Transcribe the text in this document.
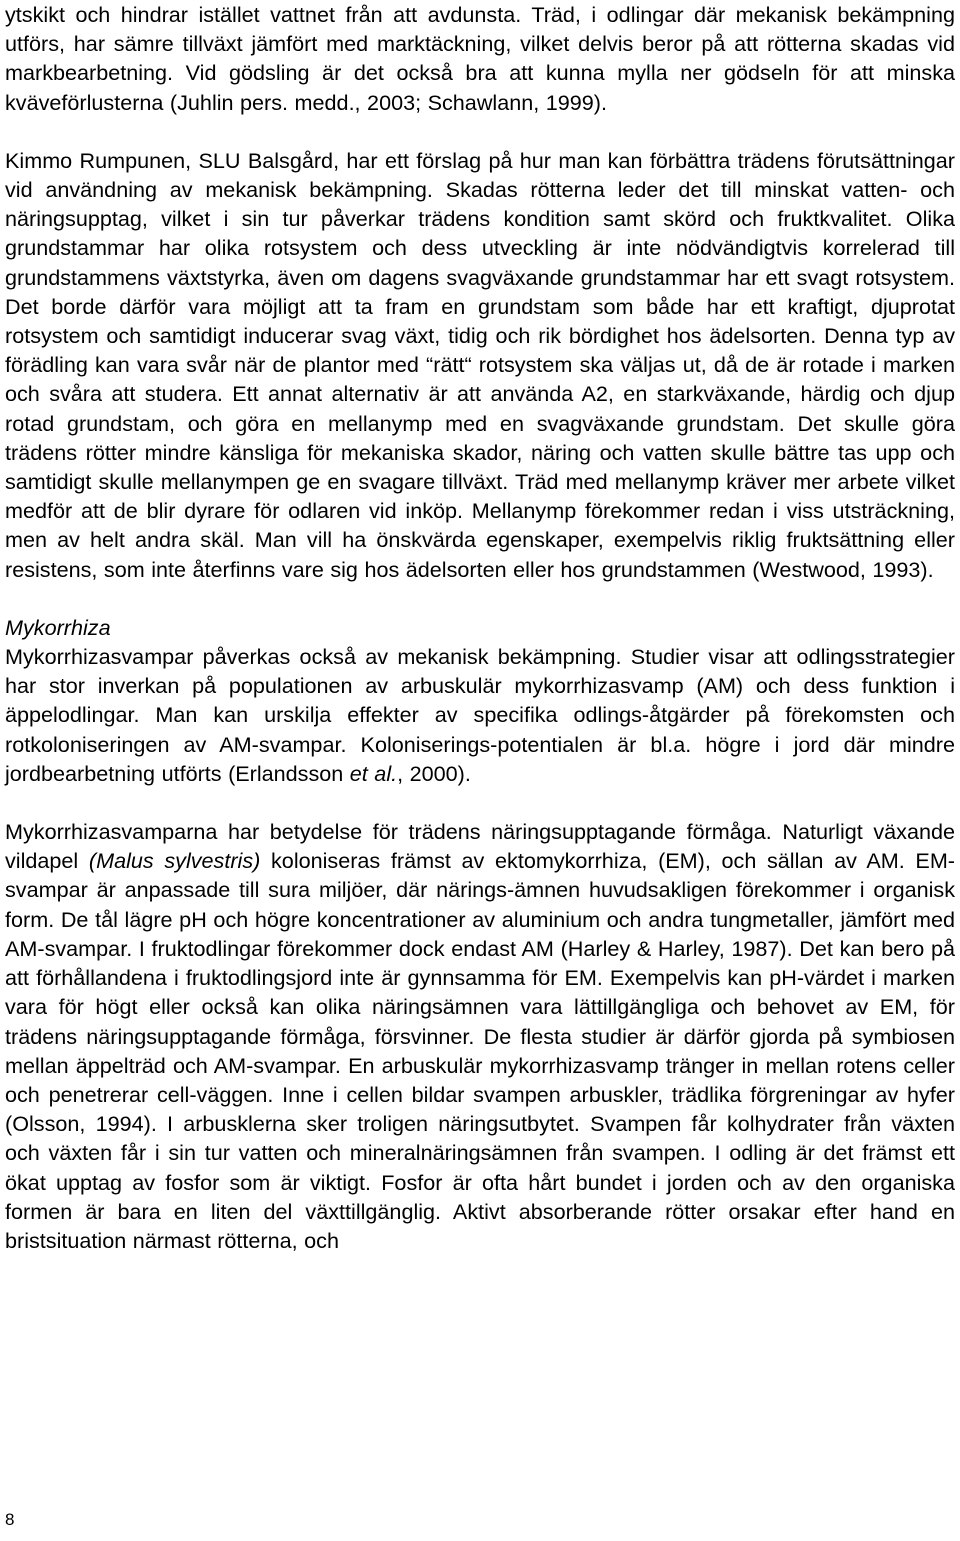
ytskikt och hindrar istället vattnet från att avdunsta. Träd, i odlingar där mekanisk bekämpning utförs, har sämre tillväxt jämfört med marktäckning, vilket delvis beror på att rötterna skadas vid markbearbetning. Vid gödsling är det också bra att kunna mylla ner gödseln för att minska kväveförlusterna (Juhlin pers. medd., 2003; Schawlann, 1999).

Kimmo Rumpunen, SLU Balsgård, har ett förslag på hur man kan förbättra trädens förutsättningar vid användning av mekanisk bekämpning. Skadas rötterna leder det till minskat vatten- och näringsupptag, vilket i sin tur påverkar trädens kondition samt skörd och fruktkvalitet. Olika grundstammar har olika rotsystem och dess utveckling är inte nödvändigtvis korrelerad till grundstammens växtstyrka, även om dagens svagväxande grundstammar har ett svagt rotsystem. Det borde därför vara möjligt att ta fram en grundstam som både har ett kraftigt, djuprotat rotsystem och samtidigt inducerar svag växt, tidig och rik bördighet hos ädelsorten. Denna typ av förädling kan vara svår när de plantor med “rätt“ rotsystem ska väljas ut, då de är rotade i marken och svåra att studera. Ett annat alternativ är att använda A2, en starkväxande, härdig och djup rotad grundstam, och göra en mellanymp med en svagväxande grundstam. Det skulle göra trädens rötter mindre känsliga för mekaniska skador, näring och vatten skulle bättre tas upp och samtidigt skulle mellanympen ge en svagare tillväxt. Träd med mellanymp kräver mer arbete vilket medför att de blir dyrare för odlaren vid inköp. Mellanymp förekommer redan i viss utsträckning, men av helt andra skäl. Man vill ha önskvärda egenskaper, exempelvis riklig fruktsättning eller resistens, som inte återfinns vare sig hos ädelsorten eller hos grundstammen (Westwood, 1993).

Mykorrhiza

Mykorrhizasvampar påverkas också av mekanisk bekämpning. Studier visar att odlingsstrategier har stor inverkan på populationen av arbuskulär mykorrhizasvamp (AM) och dess funktion i äppelodlingar. Man kan urskilja effekter av specifika odlings-åtgärder på förekomsten och rotkoloniseringen av AM-svampar. Koloniserings-potentialen är bl.a. högre i jord där mindre jordbearbetning utförts (Erlandsson et al., 2000).

Mykorrhizasvamparna har betydelse för trädens näringsupptagande förmåga. Naturligt växande vildapel (Malus sylvestris) koloniseras främst av ektomykorrhiza, (EM), och sällan av AM. EM-svampar är anpassade till sura miljöer, där närings-ämnen huvudsakligen förekommer i organisk form. De tål lägre pH och högre koncentrationer av aluminium och andra tungmetaller, jämfört med AM-svampar. I fruktodlingar förekommer dock endast AM (Harley & Harley, 1987). Det kan bero på att förhållandena i fruktodlingsjord inte är gynnsamma för EM. Exempelvis kan pH-värdet i marken vara för högt eller också kan olika näringsämnen vara lättillgängliga och behovet av EM, för trädens näringsupptagande förmåga, försvinner. De flesta studier är därför gjorda på symbiosen mellan äppelträd och AM-svampar. En arbuskulär mykorrhizasvamp tränger in mellan rotens celler och penetrerar cell-väggen. Inne i cellen bildar svampen arbuskler, trädlika förgreningar av hyfer (Olsson, 1994). I arbusklerna sker troligen näringsutbytet. Svampen får kolhydrater från växten och växten får i sin tur vatten och mineralnäringsämnen från svampen. I odling är det främst ett ökat upptag av fosfor som är viktigt. Fosfor är ofta hårt bundet i jorden och av den organiska formen är bara en liten del växttillgänglig. Aktivt absorberande rötter orsakar efter hand en bristsituation närmast rötterna, och

8
